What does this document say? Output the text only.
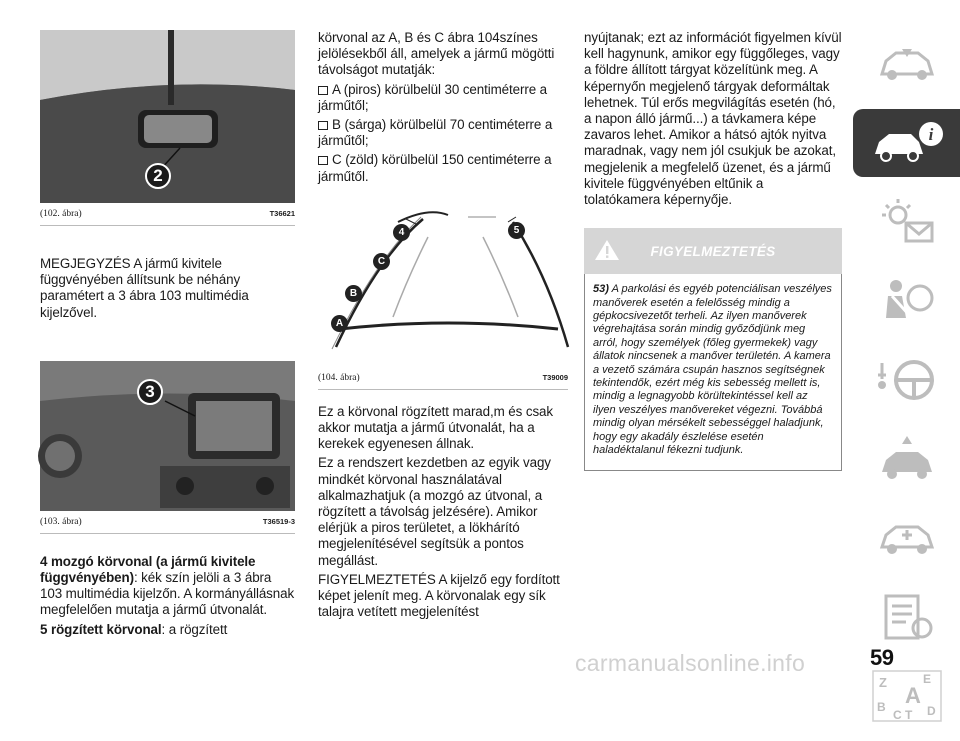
2
(102. ábra)	T36621
MEGJEGYZÉS A jármű kivitele függvényében állítsunk be néhány paramétert a 3 ábra 103 multimédia kijelzővel.
3
(103. ábra)	T36519-3
4 mozgó körvonal (a jármű kivitele függvényében): kék szín jelöli a 3 ábra 103 multimédia kijelzőn. A kormányállásnak megfelelően mutatja a jármű útvonalát.
5 rögzített körvonal: a rögzített
körvonal az A, B és C ábra 104színes jelölésekből áll, amelyek a jármű mögötti távolságot mutatják:
A (piros) körülbelül 30 centiméterre a járműtől;
B (sárga) körülbelül 70 centiméterre a járműtől;
C (zöld) körülbelül 150 centiméterre a járműtől.
A
B
C
4	5
(104. ábra)	T39009
Ez a körvonal rögzített marad,m és csak akkor mutatja a jármű útvonalát, ha a kerekek egyenesen állnak.
Ez a rendszert kezdetben az egyik vagy mindkét körvonal használatával alkalmazhatjuk (a mozgó az útvonal, a rögzített a távolság jelzésére). Amikor elérjük a piros területet, a lökhárító megjelenítésével segítsük a pontos megállást.
FIGYELMEZTETÉS A kijelző egy fordított képet jelenít meg. A körvonalak egy sík talajra vetített megjelenítést
nyújtanak; ezt az információt figyelmen kívül kell hagynunk, amikor egy függőleges, vagy a földre állított tárgyat közelítünk meg. A képernyőn megjelenő tárgyak deformáltak lehetnek. Túl erős megvilágítás esetén (hó, a napon álló jármű...) a távkamera képe zavaros lehet. Amikor a hátsó ajtók nyitva maradnak, vagy nem jól csukjuk be azokat, megjelenik a megfelelő üzenet, és a jármű kivitele függvényében eltűnik a tolatókamera képernyője.
FIGYELMEZTETÉS
53) A parkolási és egyéb potenciálisan veszélyes manőverek esetén a felelősség mindig a gépkocsivezetőt terheli. Az ilyen manőverek végrehajtása során mindig győződjünk meg arról, hogy személyek (főleg gyermekek) vagy állatok nincsenek a manőver területén. A kamera a vezető számára csupán hasznos segítségnek tekintendők, ezért még kis sebesség mellett is, mindig a legnagyobb körültekintéssel kell az ilyen veszélyes manővereket végezni. Továbbá mindig olyan mérsékelt sebességgel haladjunk, hogy egy akadály észlelése esetén haladéktalanul fékezni tudjunk.
i
Z	E
B
C T
A
D
59
carmanualsonline.info
